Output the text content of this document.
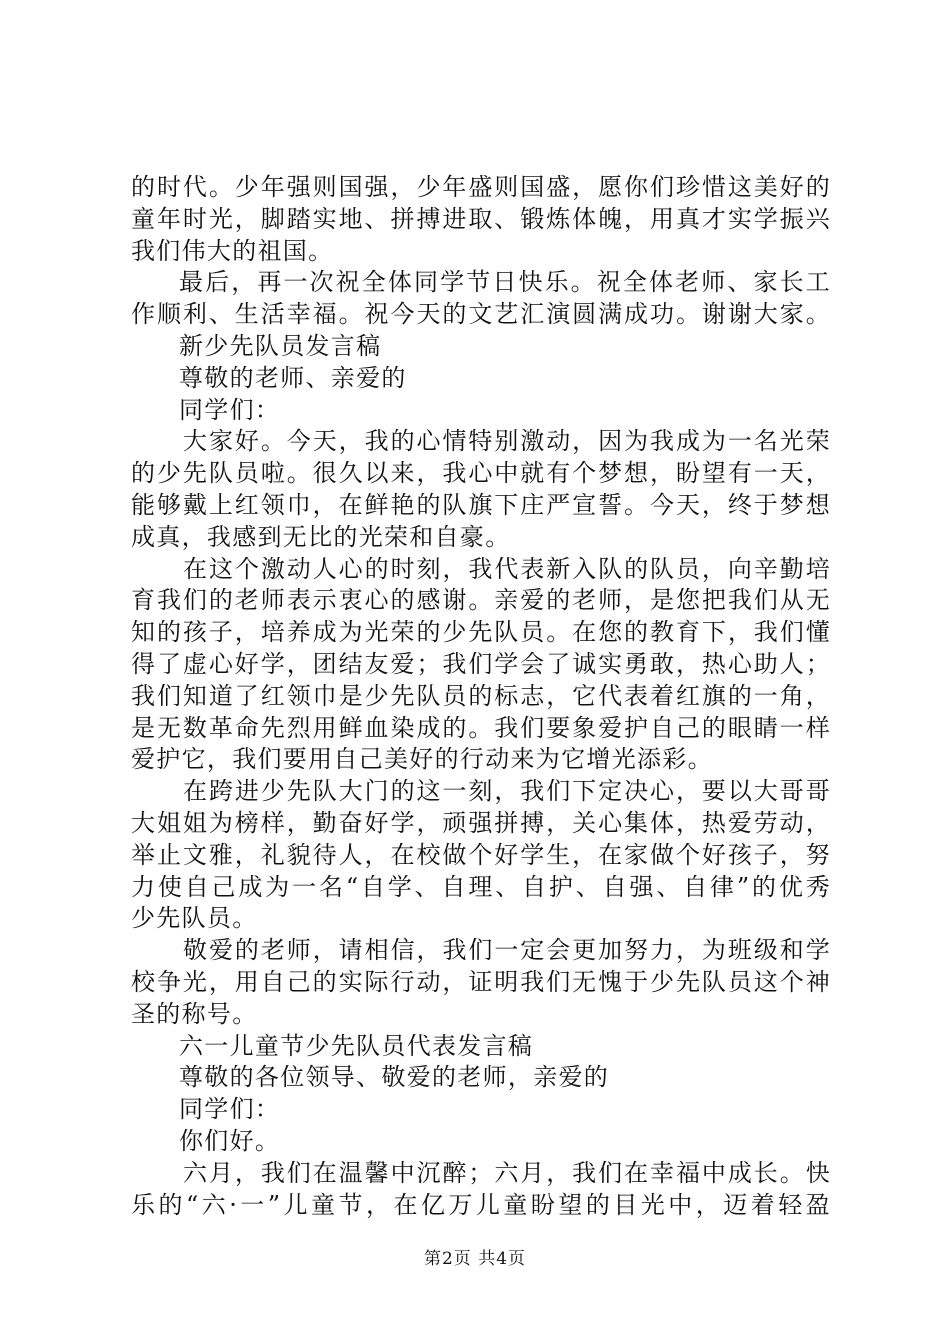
的时代。少年强则国强，少年盛则国盛，愿你们珍惜这美好的
童年时光，脚踏实地、拼搏进取、锻炼体魄，用真才实学振兴
我们伟大的祖国。
最后，再一次祝全体同学节日快乐。祝全体老师、家长工
作顺利、生活幸福。祝今天的文艺汇演圆满成功。谢谢大家。
新少先队员发言稿
尊敬的老师、亲爱的
同学们：
大家好。今天，我的心情特别激动，因为我成为一名光荣
的少先队员啦。很久以来，我心中就有个梦想，盼望有一天，
能够戴上红领巾，在鲜艳的队旗下庄严宣誓。今天，终于梦想
成真，我感到无比的光荣和自豪。
在这个激动人心的时刻，我代表新入队的队员，向辛勤培
育我们的老师表示衷心的感谢。亲爱的老师，是您把我们从无
知的孩子，培养成为光荣的少先队员。在您的教育下，我们懂
得了虚心好学，团结友爱；我们学会了诚实勇敢，热心助人；
我们知道了红领巾是少先队员的标志，它代表着红旗的一角，
是无数革命先烈用鲜血染成的。我们要象爱护自己的眼睛一样
爱护它，我们要用自己美好的行动来为它增光添彩。
在跨进少先队大门的这一刻，我们下定决心，要以大哥哥
大姐姐为榜样，勤奋好学，顽强拼搏，关心集体，热爱劳动，
举止文雅，礼貌待人，在校做个好学生，在家做个好孩子，努
力使自己成为一名“自学、自理、自护、自强、自律”的优秀
少先队员。
敬爱的老师，请相信，我们一定会更加努力，为班级和学
校争光，用自己的实际行动，证明我们无愧于少先队员这个神
圣的称号。
六一儿童节少先队员代表发言稿
尊敬的各位领导、敬爱的老师，亲爱的
同学们：
你们好。
六月，我们在温馨中沉醉；六月，我们在幸福中成长。快
乐的“六·一”儿童节，在亿万儿童盼望的目光中，迈着轻盈
第2页 共4页
